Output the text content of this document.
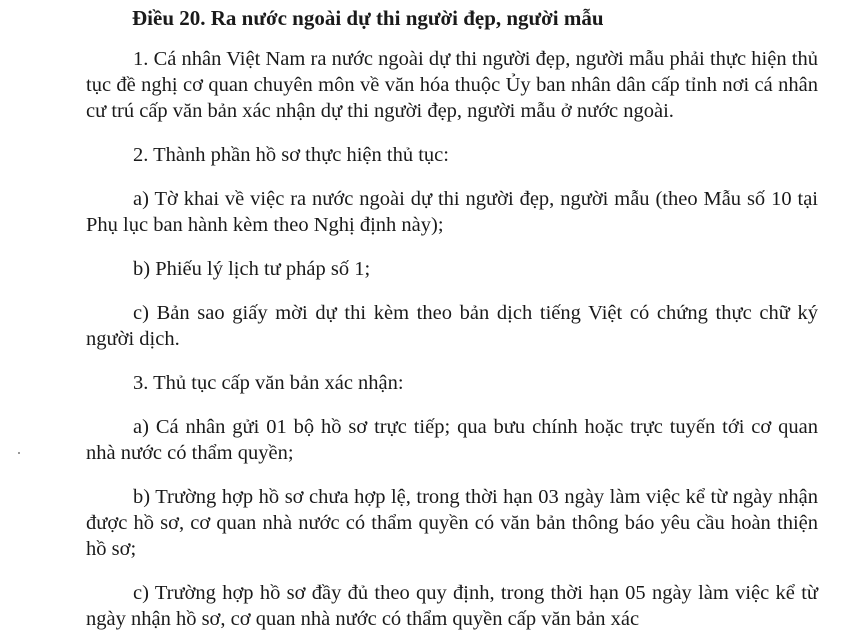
Điều 20. Ra nước ngoài dự thi người đẹp, người mẫu

1. Cá nhân Việt Nam ra nước ngoài dự thi người đẹp, người mẫu phải thực hiện thủ tục đề nghị cơ quan chuyên môn về văn hóa thuộc Ủy ban nhân dân cấp tỉnh nơi cá nhân cư trú cấp văn bản xác nhận dự thi người đẹp, người mẫu ở nước ngoài.

2. Thành phần hồ sơ thực hiện thủ tục:

a) Tờ khai về việc ra nước ngoài dự thi người đẹp, người mẫu (theo Mẫu số 10 tại Phụ lục ban hành kèm theo Nghị định này);

b) Phiếu lý lịch tư pháp số 1;

c) Bản sao giấy mời dự thi kèm theo bản dịch tiếng Việt có chứng thực chữ ký người dịch.

3. Thủ tục cấp văn bản xác nhận:

a) Cá nhân gửi 01 bộ hồ sơ trực tiếp; qua bưu chính hoặc trực tuyến tới cơ quan nhà nước có thẩm quyền;

b) Trường hợp hồ sơ chưa hợp lệ, trong thời hạn 03 ngày làm việc kể từ ngày nhận được hồ sơ, cơ quan nhà nước có thẩm quyền có văn bản thông báo yêu cầu hoàn thiện hồ sơ;

c) Trường hợp hồ sơ đầy đủ theo quy định, trong thời hạn 05 ngày làm việc kể từ ngày nhận hồ sơ, cơ quan nhà nước có thẩm quyền cấp văn bản xác
